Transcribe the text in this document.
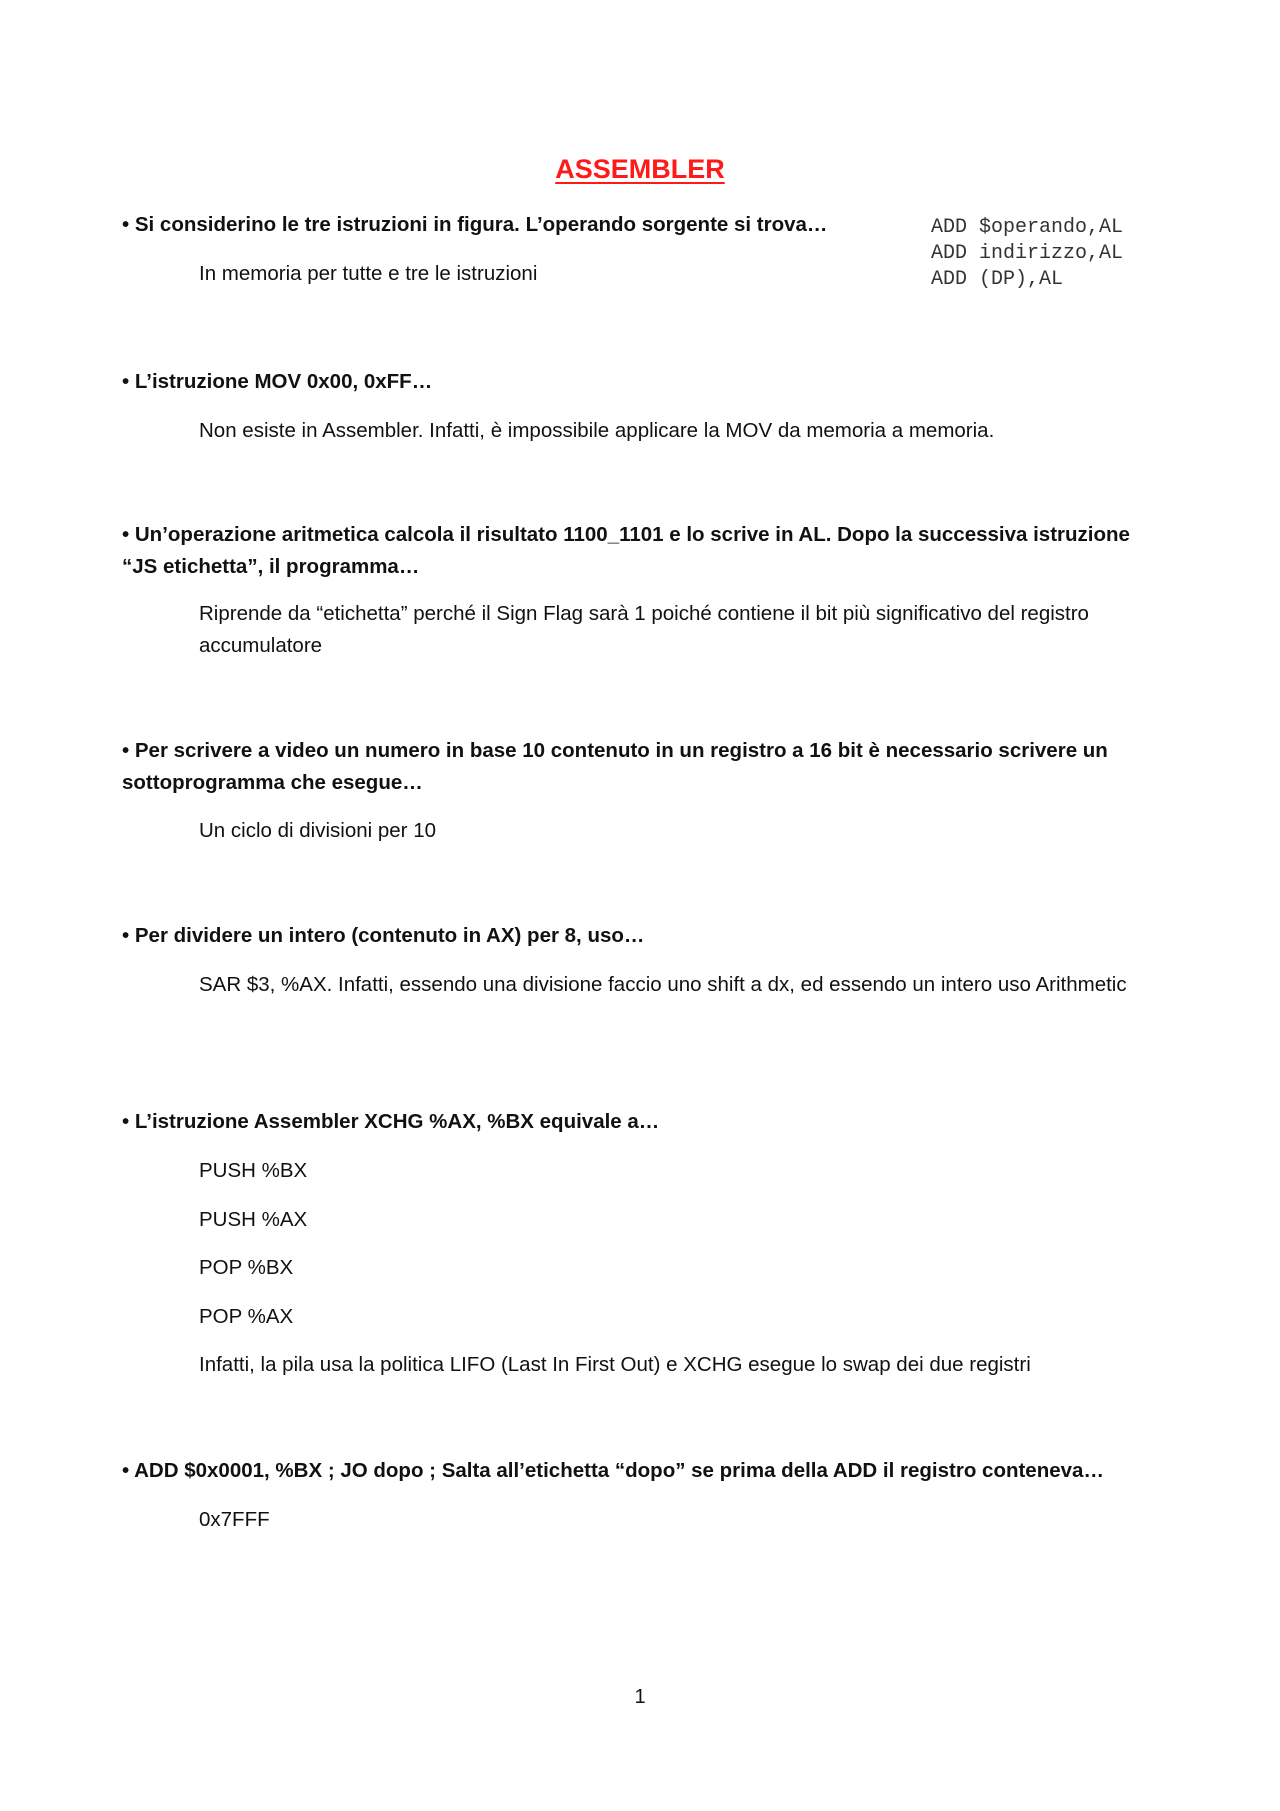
ASSEMBLER
• Si considerino le tre istruzioni in figura. L’operando sorgente si trova…
In memoria per tutte e tre le istruzioni
ADD $operando,AL
ADD indirizzo,AL
ADD (DP),AL
• L’istruzione MOV 0x00, 0xFF…
Non esiste in Assembler. Infatti, è impossibile applicare la MOV da memoria a memoria.
• Un’operazione aritmetica calcola il risultato 1100_1101 e lo scrive in AL. Dopo la successiva istruzione “JS etichetta”, il programma…
Riprende da “etichetta” perché il Sign Flag sarà 1 poiché contiene il bit più significativo del registro accumulatore
• Per scrivere a video un numero in base 10 contenuto in un registro a 16 bit è necessario scrivere un sottoprogramma che esegue…
Un ciclo di divisioni per 10
• Per dividere un intero (contenuto in AX) per 8, uso…
SAR $3, %AX. Infatti, essendo una divisione faccio uno shift a dx, ed essendo un intero uso Arithmetic
• L’istruzione Assembler XCHG %AX, %BX equivale a…
PUSH %BX
PUSH %AX
POP %BX
POP %AX
Infatti, la pila usa la politica LIFO (Last In First Out) e XCHG esegue lo swap dei due registri
• ADD $0x0001, %BX ; JO dopo ; Salta all’etichetta “dopo” se prima della ADD il registro conteneva…
0x7FFF
1
